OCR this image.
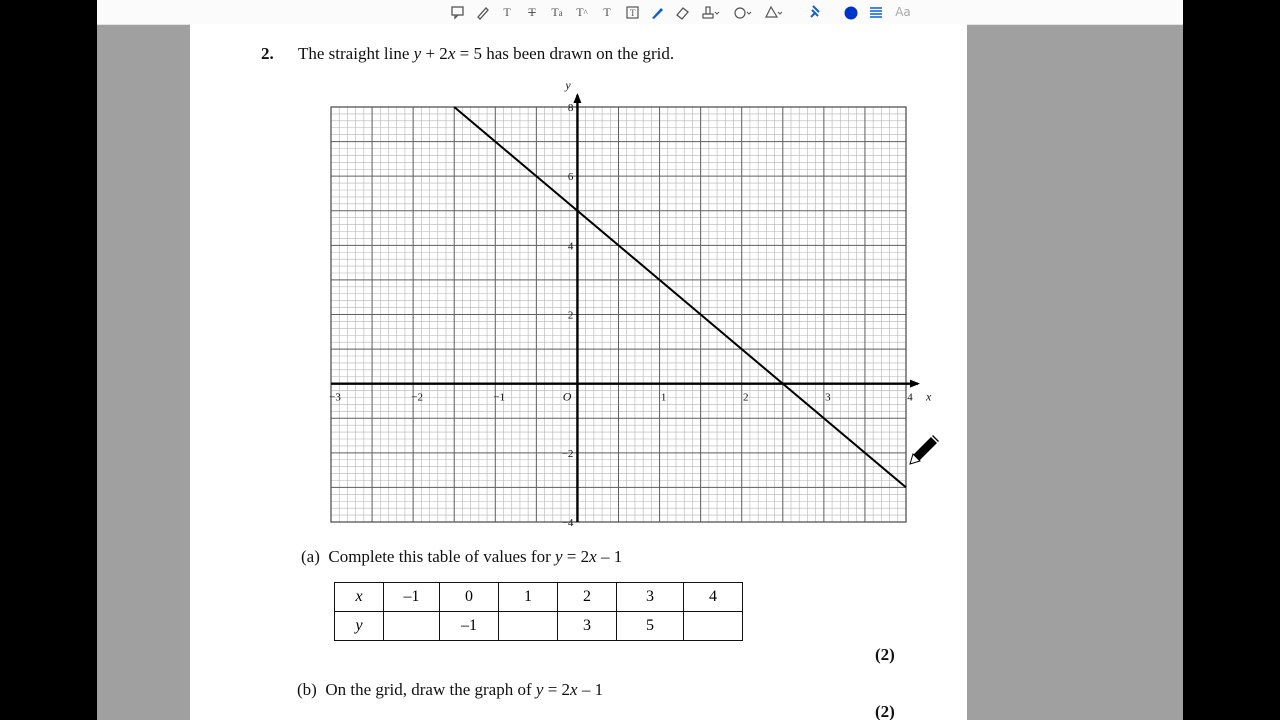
T	T	Ta T^	T	T	Aa
2. The straight line y + 2x = 5 has been drawn on the grid.
−3	−2	−1	1	2	3	4
8
6
4
2
−2
−4
O	x
y
(a) Complete this table of values for y = 2x – 1
x	–1	0	1	2	3	4
y		–1		3	5	
(2)
(b) On the grid, draw the graph of y = 2x – 1
(2)
